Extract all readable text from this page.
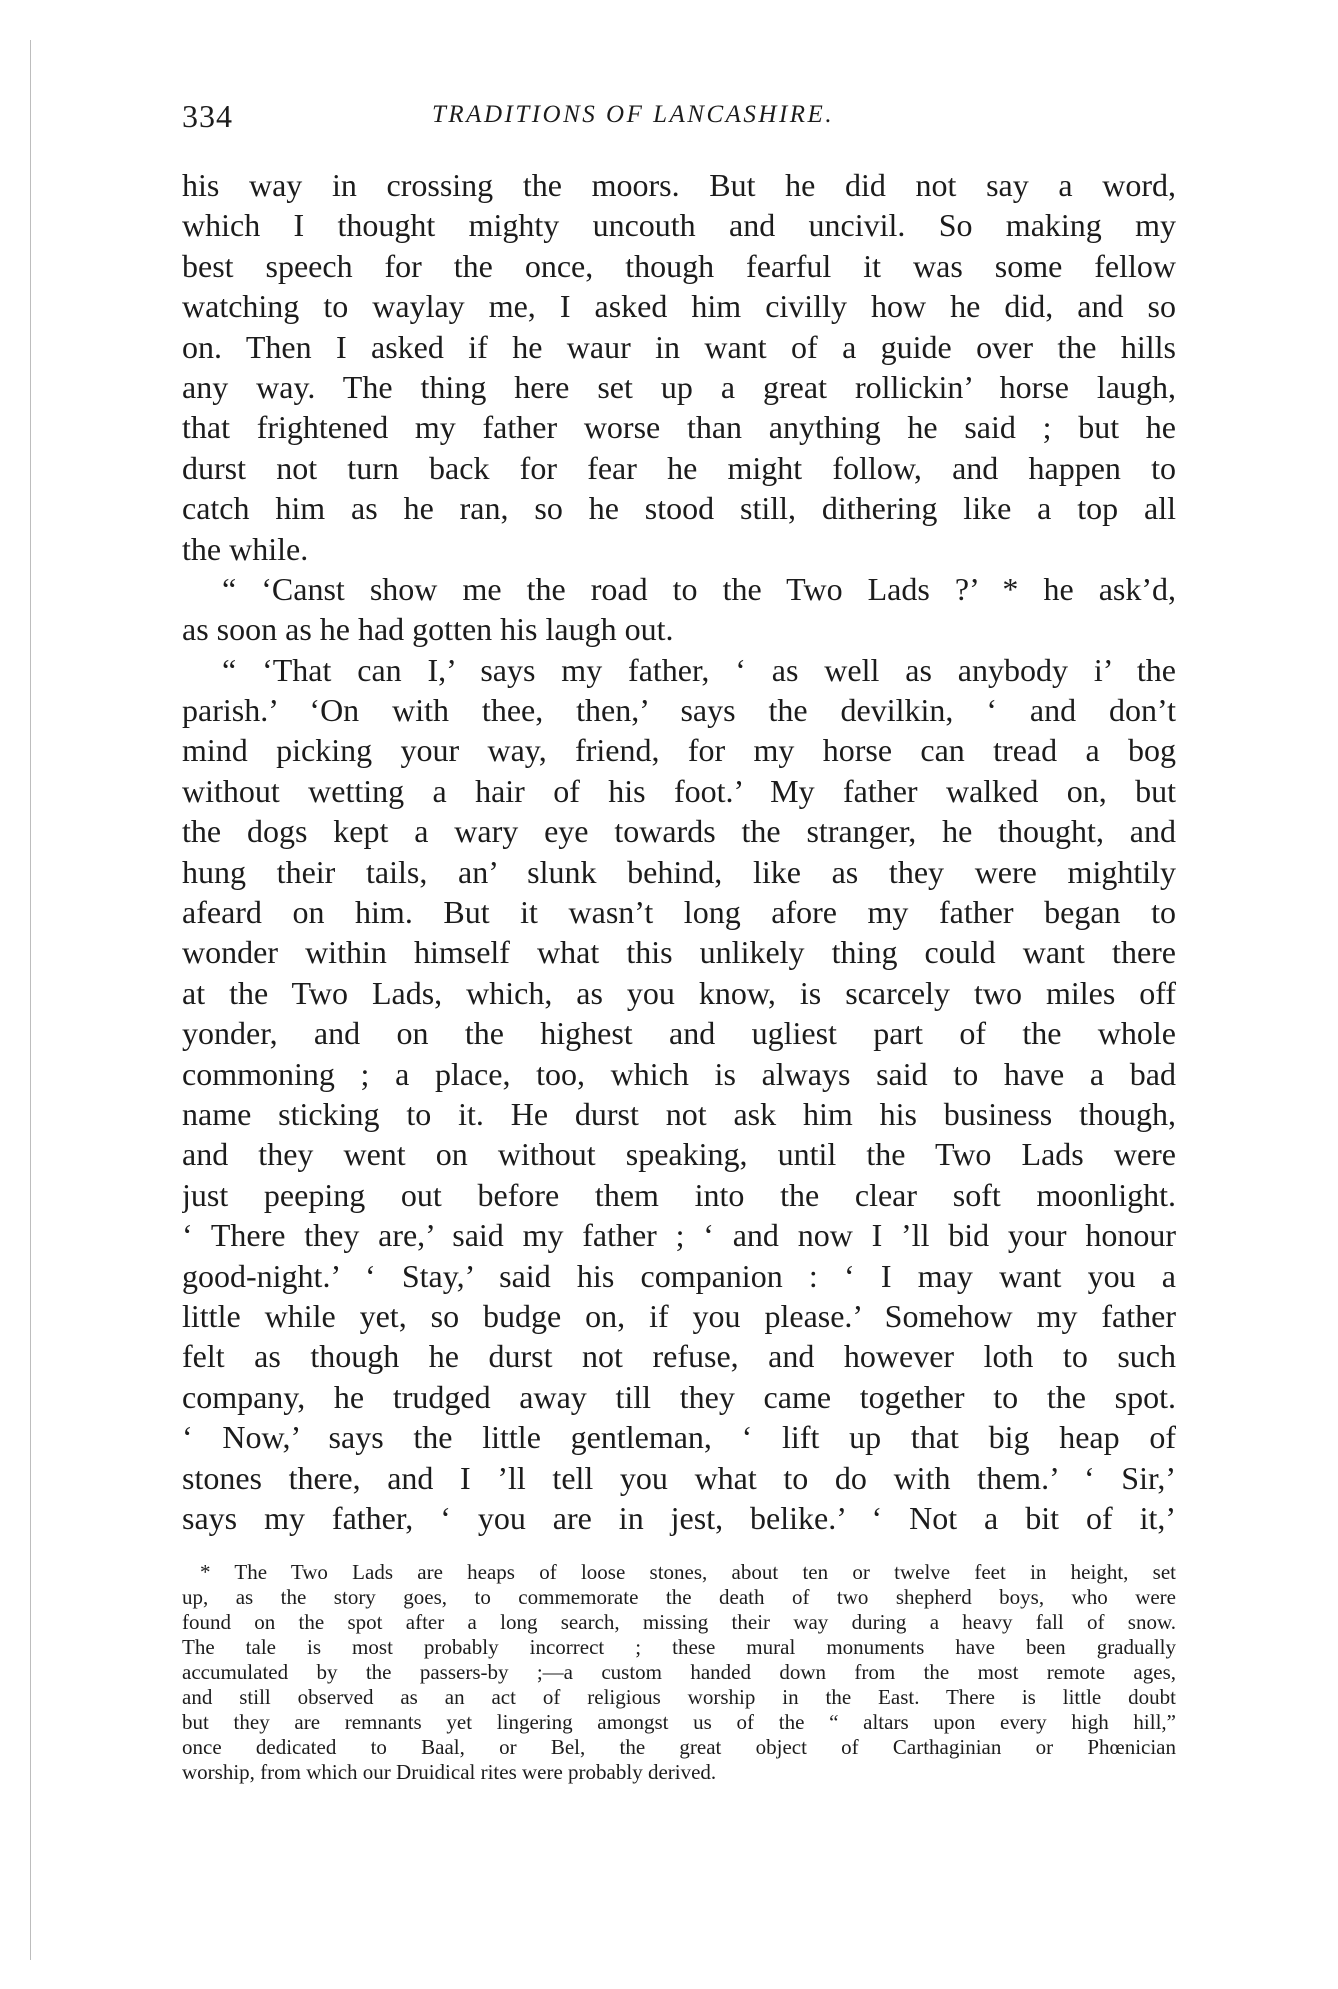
334	TRADITIONS OF LANCASHIRE.
his way in crossing the moors. But he did not say a word,
which I thought mighty uncouth and uncivil. So making my
best speech for the once, though fearful it was some fellow
watching to waylay me, I asked him civilly how he did, and so
on. Then I asked if he waur in want of a guide over the hills
any way. The thing here set up a great rollickin’ horse laugh,
that frightened my father worse than anything he said ; but he
durst not turn back for fear he might follow, and happen to
catch him as he ran, so he stood still, dithering like a top all
the while.
“ ‘Canst show me the road to the Two Lads ?’ * he ask’d,
as soon as he had gotten his laugh out.
“ ‘That can I,’ says my father, ‘ as well as anybody i’ the
parish.’ ‘On with thee, then,’ says the devilkin, ‘ and don’t
mind picking your way, friend, for my horse can tread a bog
without wetting a hair of his foot.’ My father walked on, but
the dogs kept a wary eye towards the stranger, he thought, and
hung their tails, an’ slunk behind, like as they were mightily
afeard on him. But it wasn’t long afore my father began to
wonder within himself what this unlikely thing could want there
at the Two Lads, which, as you know, is scarcely two miles off
yonder, and on the highest and ugliest part of the whole
commoning ; a place, too, which is always said to have a bad
name sticking to it. He durst not ask him his business though,
and they went on without speaking, until the Two Lads were
just peeping out before them into the clear soft moonlight.
‘ There they are,’ said my father ; ‘ and now I ’ll bid your honour
good-night.’ ‘ Stay,’ said his companion : ‘ I may want you a
little while yet, so budge on, if you please.’ Somehow my father
felt as though he durst not refuse, and however loth to such
company, he trudged away till they came together to the spot.
‘ Now,’ says the little gentleman, ‘ lift up that big heap of
stones there, and I ’ll tell you what to do with them.’ ‘ Sir,’
says my father, ‘ you are in jest, belike.’ ‘ Not a bit of it,’
* The Two Lads are heaps of loose stones, about ten or twelve feet in height, set
up, as the story goes, to commemorate the death of two shepherd boys, who were
found on the spot after a long search, missing their way during a heavy fall of snow.
The tale is most probably incorrect ; these mural monuments have been gradually
accumulated by the passers-by ;—a custom handed down from the most remote ages,
and still observed as an act of religious worship in the East. There is little doubt
but they are remnants yet lingering amongst us of the “ altars upon every high hill,”
once dedicated to Baal, or Bel, the great object of Carthaginian or Phœnician
worship, from which our Druidical rites were probably derived.
